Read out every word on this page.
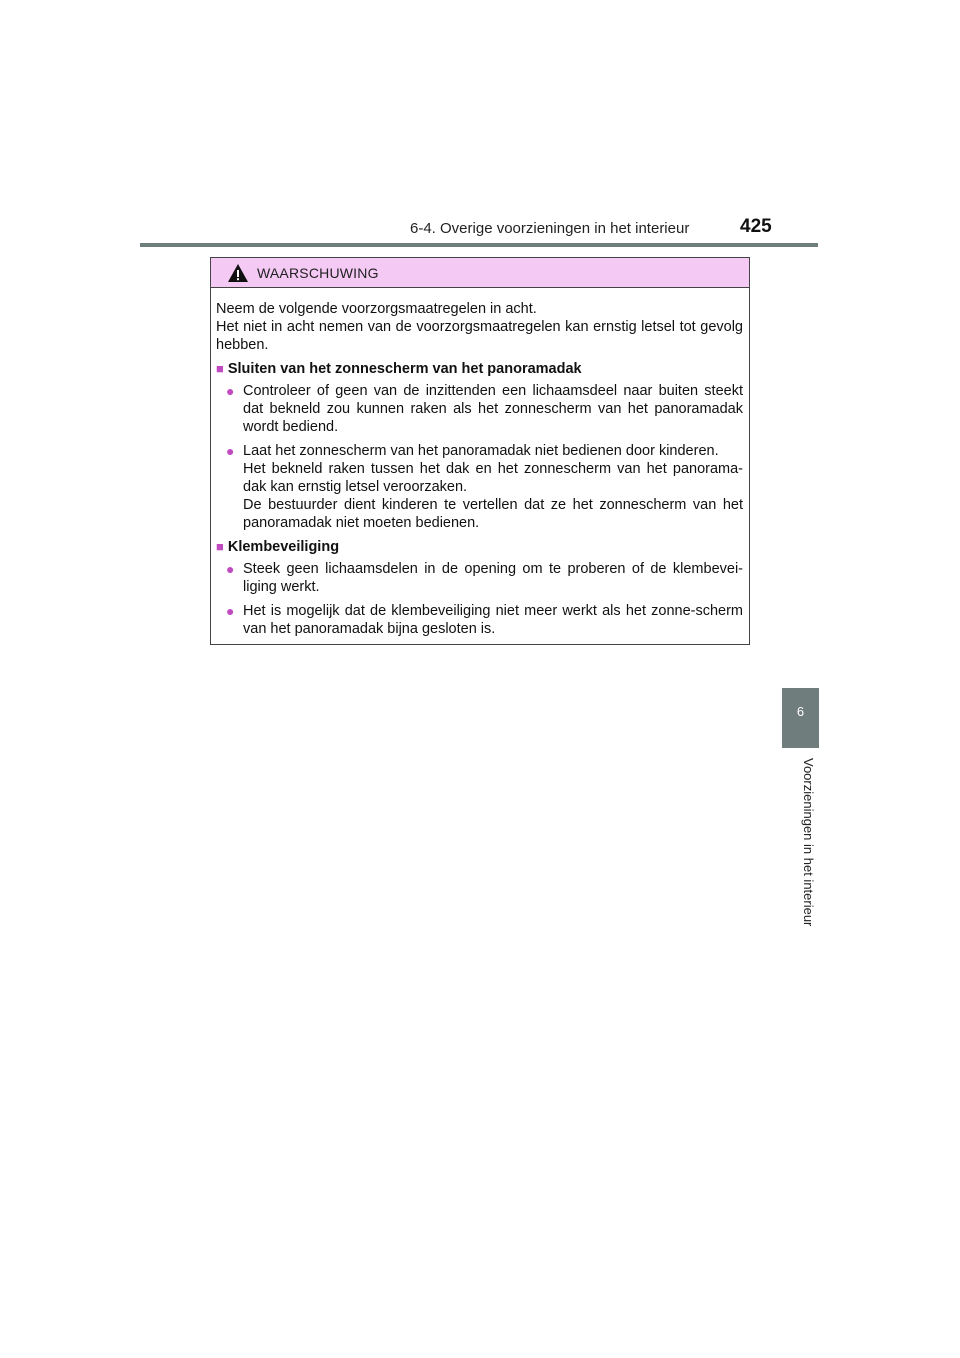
6-4. Overige voorzieningen in het interieur	425
6
Voorzieningen in het interieur
WAARSCHUWING

Neem de volgende voorzorgsmaatregelen in acht.
Het niet in acht nemen van de voorzorgsmaatregelen kan ernstig letsel tot gevolg hebben.

■ Sluiten van het zonnescherm van het panoramadak
● Controleer of geen van de inzittenden een lichaamsdeel naar buiten steekt dat bekneld zou kunnen raken als het zonnescherm van het panoramadak wordt bediend.
● Laat het zonnescherm van het panoramadak niet bedienen door kinderen.
Het bekneld raken tussen het dak en het zonnescherm van het panorama-dak kan ernstig letsel veroorzaken.
De bestuurder dient kinderen te vertellen dat ze het zonnescherm van het panoramadak niet moeten bedienen.
■ Klembeveiliging
● Steek geen lichaamsdelen in de opening om te proberen of de klembevei-liging werkt.
● Het is mogelijk dat de klembeveiliging niet meer werkt als het zonne-scherm van het panoramadak bijna gesloten is.
